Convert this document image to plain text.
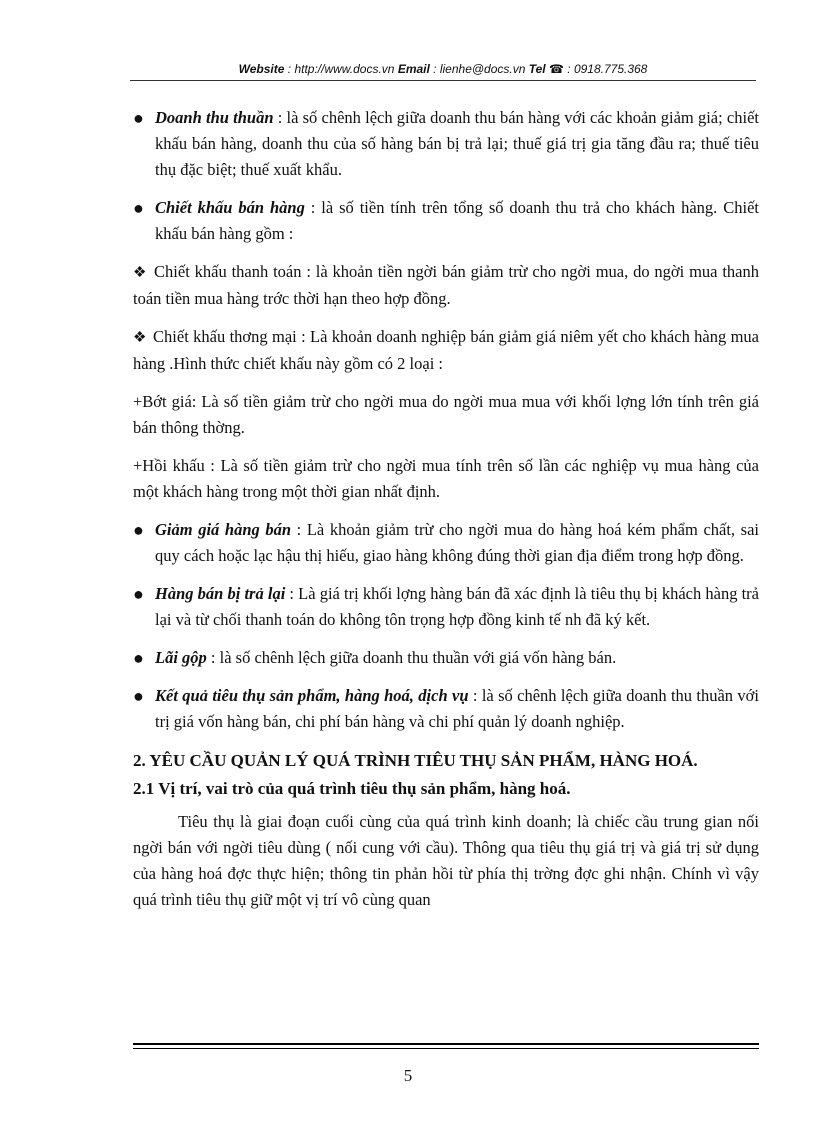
Website : http://www.docs.vn Email : lienhe@docs.vn Tel ☎ : 0918.775.368
● Doanh thu thuần : là số chênh lệch giữa doanh thu bán hàng với các khoản giảm giá; chiết khấu bán hàng, doanh thu của số hàng bán bị trả lại; thuế giá trị gia tăng đầu ra; thuế tiêu thụ đặc biệt; thuế xuất khẩu.
● Chiết khấu bán hàng : là số tiền tính trên tổng số doanh thu trả cho khách hàng. Chiết khấu bán hàng gồm :
❖ Chiết khấu thanh toán : là khoản tiền ngời bán giảm trừ cho ngời mua, do ngời mua thanh toán tiền mua hàng trớc thời hạn theo hợp đồng.
❖ Chiết khấu thơng mại : Là khoản doanh nghiệp bán giảm giá niêm yết cho khách hàng mua hàng .Hình thức chiết khấu này gồm có 2 loại :
+Bớt giá: Là số tiền giảm trừ cho ngời mua do ngời mua mua với khối lợng lớn tính trên giá bán thông thờng.
+Hồi khấu : Là số tiền giảm trừ cho ngời mua tính trên số lần các nghiệp vụ mua hàng của một khách hàng trong một thời gian nhất định.
● Giảm giá hàng bán : Là khoản giảm trừ cho ngời mua do hàng hoá kém phẩm chất, sai quy cách hoặc lạc hậu thị hiếu, giao hàng không đúng thời gian địa điểm trong hợp đồng.
● Hàng bán bị trả lại : Là giá trị khối lợng hàng bán đã xác định là tiêu thụ bị khách hàng trả lại và từ chối thanh toán do không tôn trọng hợp đồng kinh tế nh đã ký kết.
● Lãi gộp : là số chênh lệch giữa doanh thu thuần với giá vốn hàng bán.
● Kết quả tiêu thụ sản phẩm, hàng hoá, dịch vụ : là số chênh lệch giữa doanh thu thuần với trị giá vốn hàng bán, chi phí bán hàng và chi phí quản lý doanh nghiệp.
2. YÊU CẦU QUẢN LÝ QUÁ TRÌNH TIÊU THỤ SẢN PHẨM, HÀNG HOÁ.
2.1 Vị trí, vai trò của quá trình tiêu thụ sản phẩm, hàng hoá.
Tiêu thụ là giai đoạn cuối cùng của quá trình kinh doanh; là chiếc cầu trung gian nối ngời bán với ngời tiêu dùng ( nối cung với cầu). Thông qua tiêu thụ giá trị và giá trị sử dụng của hàng hoá đợc thực hiện; thông tin phản hồi từ phía thị trờng đợc ghi nhận. Chính vì vậy quá trình tiêu thụ giữ một vị trí vô cùng quan
5
